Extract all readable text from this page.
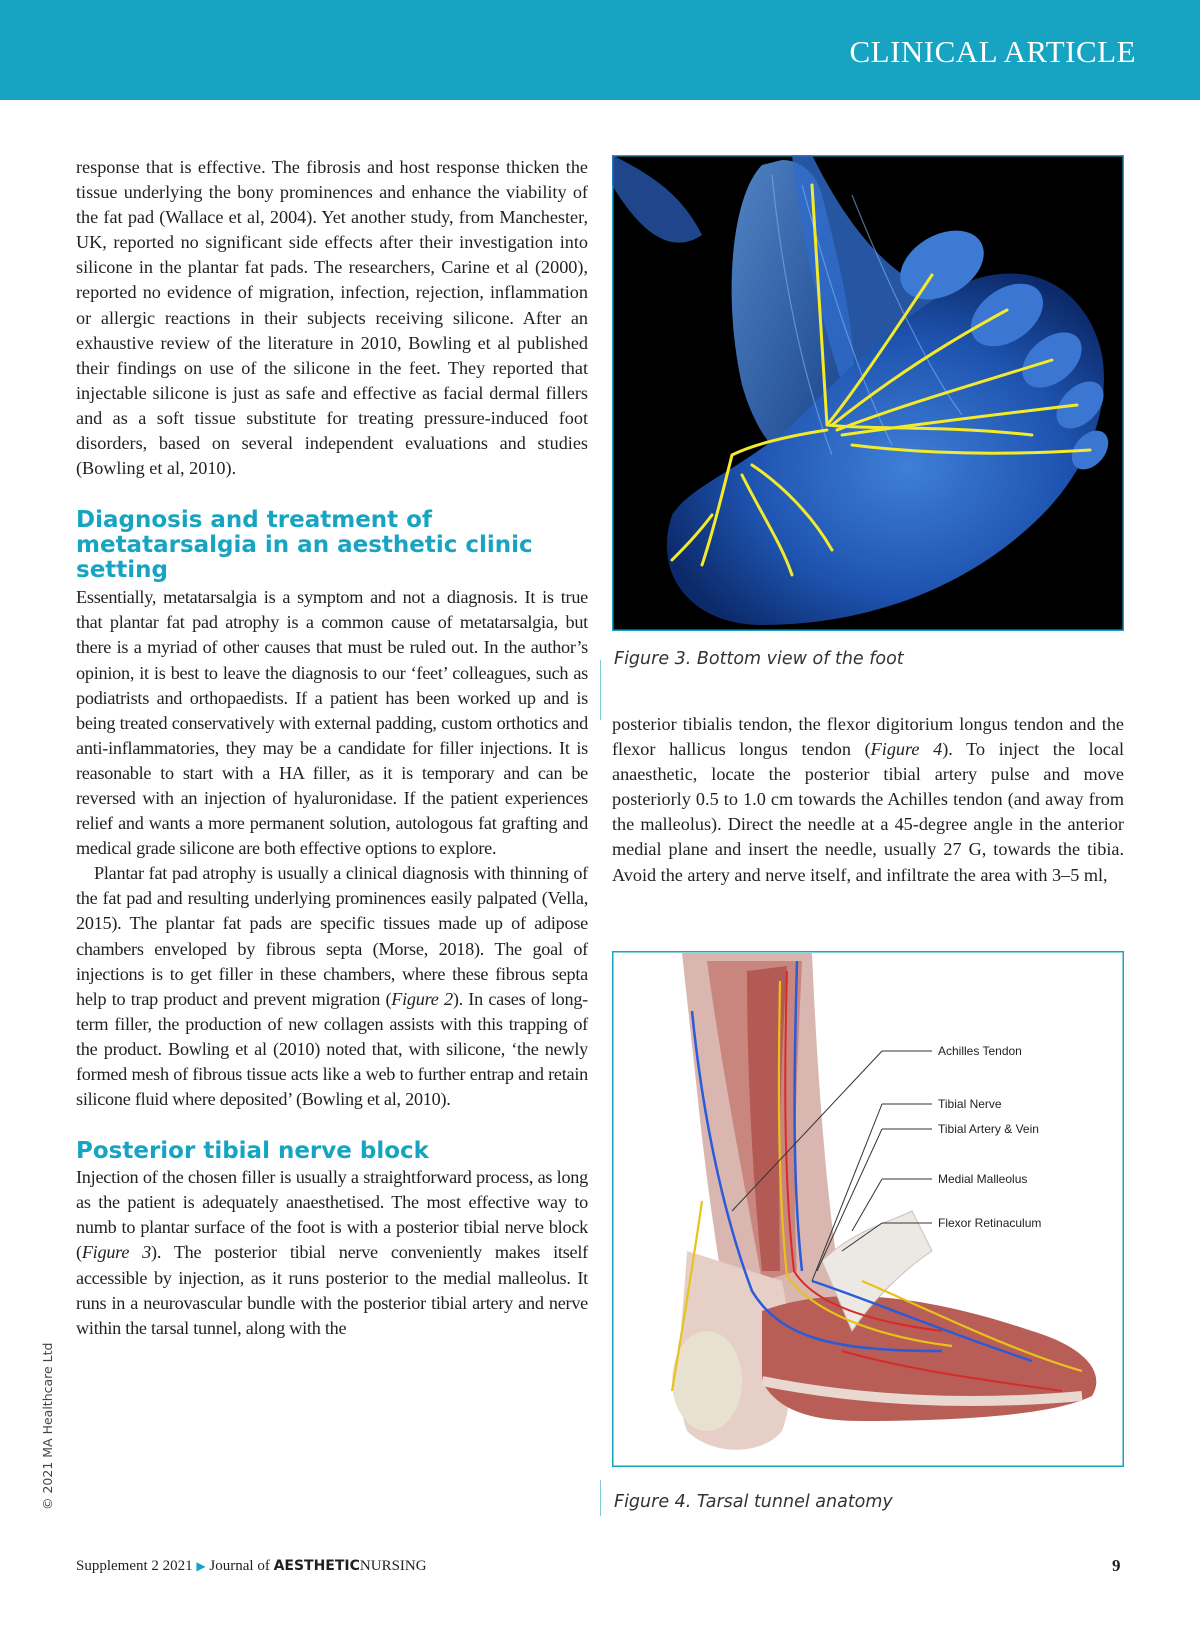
CLINICAL ARTICLE

response that is effective. The fibrosis and host response thicken the tissue underlying the bony prominences and enhance the viability of the fat pad (Wallace et al, 2004). Yet another study, from Manchester, UK, reported no significant side effects after their investigation into silicone in the plantar fat pads. The researchers, Carine et al (2000), reported no evidence of migration, infection, rejection, inflammation or allergic reactions in their subjects receiving silicone. After an exhaustive review of the literature in 2010, Bowling et al published their findings on use of the silicone in the feet. They reported that injectable silicone is just as safe and effective as facial dermal fillers and as a soft tissue substitute for treating pressure-induced foot disorders, based on several independent evaluations and studies (Bowling et al, 2010).

Diagnosis and treatment of metatarsalgia in an aesthetic clinic setting

Essentially, metatarsalgia is a symptom and not a diagnosis. It is true that plantar fat pad atrophy is a common cause of metatarsalgia, but there is a myriad of other causes that must be ruled out. In the author’s opinion, it is best to leave the diagnosis to our ‘feet’ colleagues, such as podiatrists and orthopaedists. If a patient has been worked up and is being treated conservatively with external padding, custom orthotics and anti-inflammatories, they may be a candidate for filler injections. It is reasonable to start with a HA filler, as it is temporary and can be reversed with an injection of hyaluronidase. If the patient experiences relief and wants a more permanent solution, autologous fat grafting and medical grade silicone are both effective options to explore.

Plantar fat pad atrophy is usually a clinical diagnosis with thinning of the fat pad and resulting underlying prominences easily palpated (Vella, 2015). The plantar fat pads are specific tissues made up of adipose chambers enveloped by fibrous septa (Morse, 2018). The goal of injections is to get filler in these chambers, where these fibrous septa help to trap product and prevent migration (Figure 2). In cases of long-term filler, the production of new collagen assists with this trapping of the product. Bowling et al (2010) noted that, with silicone, ‘the newly formed mesh of fibrous tissue acts like a web to further entrap and retain silicone fluid where deposited’ (Bowling et al, 2010).

Posterior tibial nerve block

Injection of the chosen filler is usually a straightforward process, as long as the patient is adequately anaesthetised. The most effective way to numb to plantar surface of the foot is with a posterior tibial nerve block (Figure 3). The posterior tibial nerve conveniently makes itself accessible by injection, as it runs posterior to the medial malleolus. It runs in a neurovascular bundle with the posterior tibial artery and nerve within the tarsal tunnel, along with the

Figure 3. Bottom view of the foot

posterior tibialis tendon, the flexor digitorium longus tendon and the flexor hallicus longus tendon (Figure 4). To inject the local anaesthetic, locate the posterior tibial artery pulse and move posteriorly 0.5 to 1.0 cm towards the Achilles tendon (and away from the malleolus). Direct the needle at a 45-degree angle in the anterior medial plane and insert the needle, usually 27 G, towards the tibia. Avoid the artery and nerve itself, and infiltrate the area with 3–5 ml,

Achilles Tendon
Tibial Nerve
Tibial Artery & Vein
Medial Malleolus
Flexor Retinaculum

Figure 4. Tarsal tunnel anatomy

© 2021 MA Healthcare Ltd
Supplement 2 2021 ▶ Journal of AESTHETICNURSING	9
